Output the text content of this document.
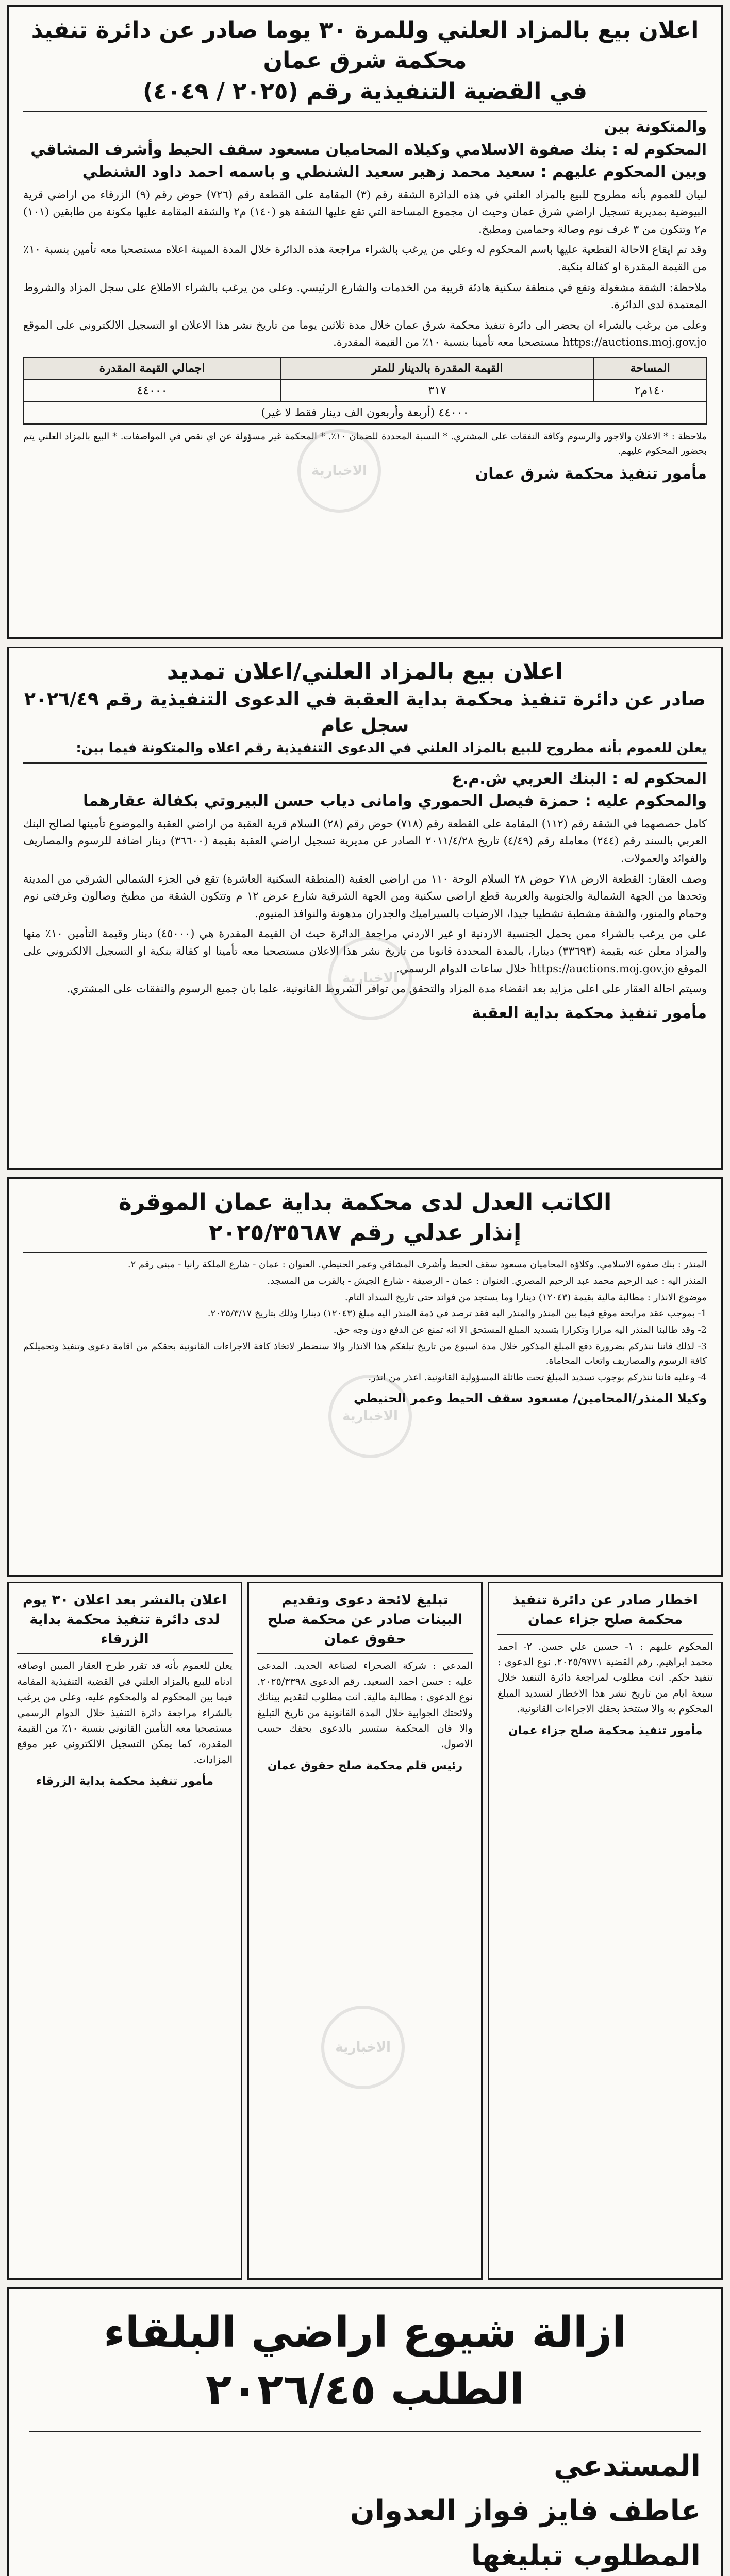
اعلان بيع بالمزاد العلني وللمرة ٣٠ يوما صادر عن دائرة تنفيذ محكمة شرق عمان
في القضية التنفيذية رقم (٢٠٢٥ / ٤٠٤٩)
والمتكونة بين
المحكوم له : بنك صفوة الاسلامي وكيلاه المحاميان مسعود سقف الحيط وأشرف المشاقي
وبين المحكوم عليهم : سعيد محمد زهير سعيد الشنطي و باسمه احمد داود الشنطي

لبيان للعموم بأنه مطروح للبيع بالمزاد العلني في هذه الدائرة الشقة رقم (٣) المقامة على القطعة رقم (٧٢٦) حوض رقم (٩) الزرقاء من اراضي قرية البيوضية بمديرية تسجيل اراضي شرق عمان وحيث ان مجموع المساحة التي تقع عليها الشقة هو (١٤٠) م٢ والشقة المقامة عليها مكونة من طابقين (١٠١) م٢ وتتكون من ٣ غرف نوم وصالة وحمامين ومطبخ.

وقد تم ايقاع الاحالة القطعية عليها باسم المحكوم له وعلى من يرغب بالشراء مراجعة هذه الدائرة خلال المدة المبينة اعلاه مستصحبا معه تأمين بنسبة ١٠٪ من القيمة المقدرة او كفالة بنكية.

ملاحظة: الشقة مشغولة وتقع في منطقة سكنية هادئة قريبة من الخدمات والشارع الرئيسي. وعلى من يرغب بالشراء الاطلاع على سجل المزاد والشروط المعتمدة لدى الدائرة.

وعلى من يرغب بالشراء ان يحضر الى دائرة تنفيذ محكمة شرق عمان خلال مدة ثلاثين يوما من تاريخ نشر هذا الاعلان او التسجيل الالكتروني على الموقع https://auctions.moj.gov.jo مستصحبا معه تأمينا بنسبة ١٠٪ من القيمة المقدرة.

المساحة	القيمة المقدرة بالدينار للمتر	اجمالي القيمة المقدرة
١٤٠م٢	٣١٧	٤٤٠٠٠
٤٤٠٠٠ (أربعة وأربعون الف دينار فقط لا غير)		

ملاحظة : * الاعلان والاجور والرسوم وكافة النفقات على المشتري. * النسبة المحددة للضمان ١٠٪. * المحكمة غير مسؤولة عن اي نقص في المواصفات. * البيع بالمزاد العلني يتم بحضور المحكوم عليهم.

مأمور تنفيذ محكمة شرق عمان
الاخبارية
اعلان بيع بالمزاد العلني/اعلان تمديد
صادر عن دائرة تنفيذ محكمة بداية العقبة في الدعوى التنفيذية رقم ٢٠٢٦/٤٩ سجل عام
يعلن للعموم بأنه مطروح للبيع بالمزاد العلني في الدعوى التنفيذية رقم اعلاه والمتكونة فيما بين:
المحكوم له : البنك العربي ش.م.ع
والمحكوم عليه : حمزة فيصل الحموري وامانى دياب حسن البيروتي بكفالة عقارهما

كامل حصصهما في الشقة رقم (١١٢) المقامة على القطعة رقم (٧١٨) حوض رقم (٢٨) السلام قرية العقبة من اراضي العقبة والموضوع تأمينها لصالح البنك العربي بالسند رقم (٢٤٤) معاملة رقم (٤/٤٩) تاريخ ٢٠١١/٤/٢٨ الصادر عن مديرية تسجيل اراضي العقبة بقيمة (٣٦٦٠٠) دينار اضافة للرسوم والمصاريف والفوائد والعمولات.

وصف العقار: القطعة الارض ٧١٨ حوض ٢٨ السلام الوحة ١١٠ من اراضي العقبة (المنطقة السكنية العاشرة) تقع في الجزء الشمالي الشرقي من المدينة وتحدها من الجهة الشمالية والجنوبية والغربية قطع اراضي سكنية ومن الجهة الشرقية شارع عرض ١٢ م وتتكون الشقة من مطبخ وصالون وغرفتي نوم وحمام والمنور، والشقة مشطبة تشطيبا جيدا، الارضيات بالسيراميك والجدران مدهونة والنوافذ المنيوم.

على من يرغب بالشراء ممن يحمل الجنسية الاردنية او غير الاردني مراجعة الدائرة حيث ان القيمة المقدرة هي (٤٥٠٠٠) دينار وقيمة التأمين ١٠٪ منها والمزاد معلن عنه بقيمة (٣٣٦٩٣) دينارا، بالمدة المحددة قانونا من تاريخ نشر هذا الاعلان مستصحبا معه تأمينا او كفالة بنكية او التسجيل الالكتروني على الموقع https://auctions.moj.gov.jo خلال ساعات الدوام الرسمي.

وسيتم احالة العقار على اعلى مزايد بعد انقضاء مدة المزاد والتحقق من توافر الشروط القانونية، علما بان جميع الرسوم والنفقات على المشتري.

مأمور تنفيذ محكمة بداية العقبة
الاخبارية
الكاتب العدل لدى محكمة بداية عمان الموقرة
إنذار عدلي رقم ٢٠٢٥/٣٥٦٨٧

المنذر : بنك صفوة الاسلامي. وكلاؤه المحاميان مسعود سقف الحيط وأشرف المشاقي وعمر الحنيطي. العنوان : عمان - شارع الملكة رانيا - مبنى رقم ٢.

المنذر اليه : عبد الرحيم محمد عبد الرحيم المصري. العنوان : عمان - الرصيفة - شارع الجيش - بالقرب من المسجد.

موضوع الانذار : مطالبة مالية بقيمة (١٢٠٤٣) دينارا وما يستجد من فوائد حتى تاريخ السداد التام.

1- بموجب عقد مرابحة موقع فيما بين المنذر والمنذر اليه فقد ترصد في ذمة المنذر اليه مبلغ (١٢٠٤٣) دينارا وذلك بتاريخ ٢٠٢٥/٣/١٧.

2- وقد طالبنا المنذر اليه مرارا وتكرارا بتسديد المبلغ المستحق الا انه تمنع عن الدفع دون وجه حق.

3- لذلك فاننا ننذركم بضرورة دفع المبلغ المذكور خلال مدة اسبوع من تاريخ تبلغكم هذا الانذار والا سنضطر لاتخاذ كافة الاجراءات القانونية بحقكم من اقامة دعوى وتنفيذ وتحميلكم كافة الرسوم والمصاريف واتعاب المحاماة.

4- وعليه فاننا ننذركم بوجوب تسديد المبلغ تحت طائلة المسؤولية القانونية. اعذر من انذر.

وكيلا المنذر/المحامين/ مسعود سقف الحيط وعمر الحنيطي
الاخبارية
اخطار صادر عن دائرة تنفيذ محكمة صلح جزاء عمان
المحكوم عليهم : ١- حسين علي حسن. ٢- احمد محمد ابراهيم. رقم القضية ٢٠٢٥/٩٧٧١. نوع الدعوى : تنفيذ حكم. انت مطلوب لمراجعة دائرة التنفيذ خلال سبعة ايام من تاريخ نشر هذا الاخطار لتسديد المبلغ المحكوم به والا ستتخذ بحقك الاجراءات القانونية.
مأمور تنفيذ محكمة صلح جزاء عمان
تبليغ لائحة دعوى وتقديم البينات صادر عن محكمة صلح حقوق عمان
المدعي : شركة الصحراء لصناعة الحديد. المدعى عليه : حسن احمد السعيد. رقم الدعوى ٢٠٢٥/٣٣٩٨. نوع الدعوى : مطالبة مالية. انت مطلوب لتقديم بيناتك ولائحتك الجوابية خلال المدة القانونية من تاريخ التبليغ والا فان المحكمة ستسير بالدعوى بحقك حسب الاصول.
رئيس قلم محكمة صلح حقوق عمان
الاخبارية
اعلان بالنشر بعد اعلان ٣٠ يوم لدى دائرة تنفيذ محكمة بداية الزرقاء
يعلن للعموم بأنه قد تقرر طرح العقار المبين اوصافه ادناه للبيع بالمزاد العلني في القضية التنفيذية المقامة فيما بين المحكوم له والمحكوم عليه، وعلى من يرغب بالشراء مراجعة دائرة التنفيذ خلال الدوام الرسمي مستصحبا معه التأمين القانوني بنسبة ١٠٪ من القيمة المقدرة، كما يمكن التسجيل الالكتروني عبر موقع المزادات.
مأمور تنفيذ محكمة بداية الزرقاء
ازالة شيوع اراضي البلقاء
الطلب ٢٠٢٦/٤٥
المستدعي
عاطف فايز فواز العدوان
المطلوب تبليغها
